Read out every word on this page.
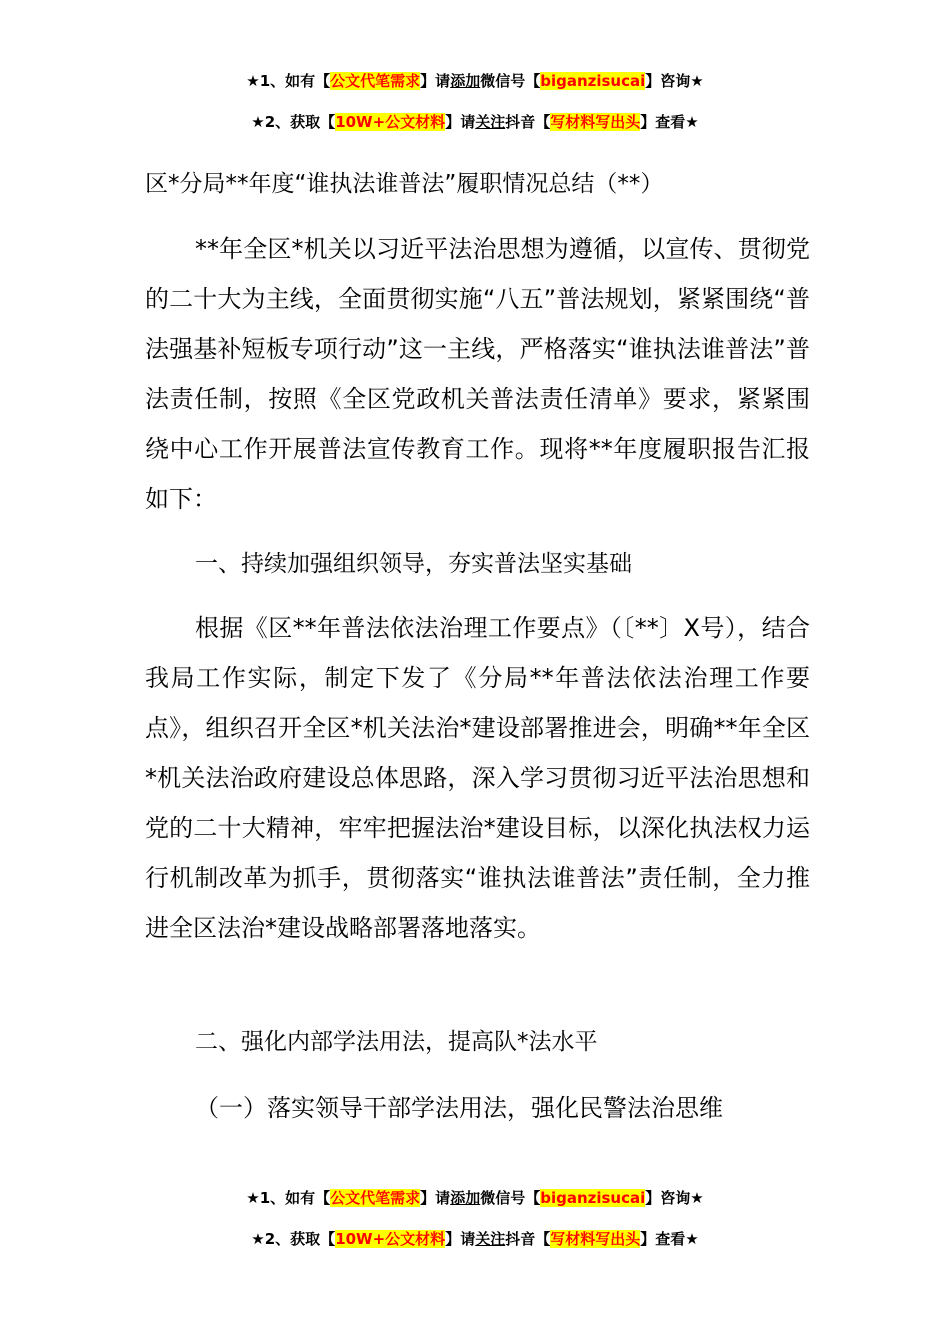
★1、如有【公文代笔需求】请添加微信号【biganzisucai】咨询★
★2、获取【10W+公文材料】请关注抖音【写材料写出头】查看★
区*分局**年度“谁执法谁普法”履职情况总结（**）
**年全区*机关以习近平法治思想为遵循，以宣传、贯彻党的二十大为主线，全面贯彻实施“八五”普法规划，紧紧围绕“普法强基补短板专项行动”这一主线，严格落实“谁执法谁普法”普法责任制，按照《全区党政机关普法责任清单》要求，紧紧围绕中心工作开展普法宣传教育工作。现将**年度履职报告汇报如下：
一、持续加强组织领导，夯实普法坚实基础
根据《区**年普法依法治理工作要点》（〔**〕X号），结合我局工作实际，制定下发了《分局**年普法依法治理工作要点》，组织召开全区*机关法治*建设部署推进会，明确**年全区*机关法治政府建设总体思路，深入学习贯彻习近平法治思想和党的二十大精神，牢牢把握法治*建设目标，以深化执法权力运行机制改革为抓手，贯彻落实“谁执法谁普法”责任制，全力推进全区法治*建设战略部署落地落实。
二、强化内部学法用法，提高队*法水平
（一）落实领导干部学法用法，强化民警法治思维
★1、如有【公文代笔需求】请添加微信号【biganzisucai】咨询★
★2、获取【10W+公文材料】请关注抖音【写材料写出头】查看★
